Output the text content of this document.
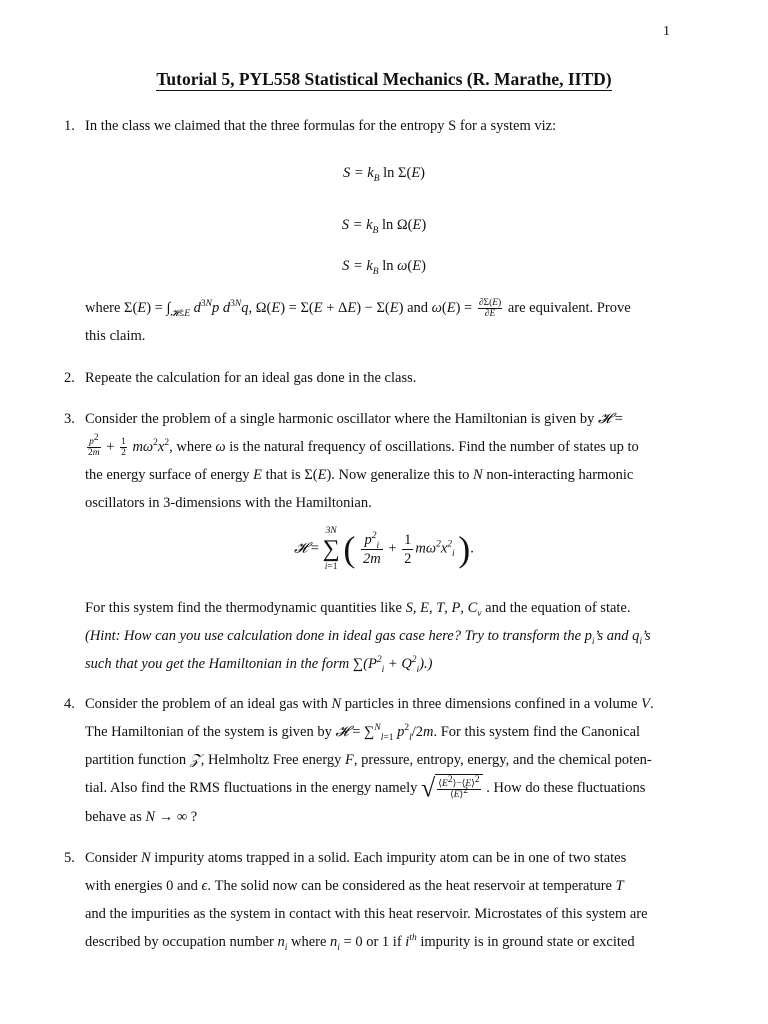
1
Tutorial 5, PYL558 Statistical Mechanics (R. Marathe, IITD)
1. In the class we claimed that the three formulas for the entropy S for a system viz:
$S = k_B$ ln Σ(E)
$S = k_B$ ln Ω(E)
$S = k_B$ ln ω(E)
where $\Sigma(E) = \int_{𝓗\le E}$ $d^{3N}p$ $d^{3N}q$, Ω(E) = Σ(E + ΔE) − Σ(E) and $\omega(E) = \frac{\partial\Sigma(E)}{\partial E}$ are equivalent. Prove
this claim.
2. Repeate the calculation for an ideal gas done in the class.
3. Consider the problem of a single harmonic oscillator where the Hamiltonian is given by 𝓗 =
$\frac{p^2}{2m} + \frac{1}{2} m\omega^2x^2$, where ω is the natural frequency of oscillations. Find the number of states up to
the energy surface of energy E that is Σ(E). Now generalize this to N non-interacting harmonic
oscillators in 3-dimensions with the Hamiltonian.
𝓗 =
3N
∑
i=1 ( $\frac{p^2_i}{2m} + \frac{1}{2} m\omega^2x^2_i$ ).
For this system find the thermodynamic quantities like S, E, T, P, $C_v$ and the equation of state.
(Hint: How can you use calculation done in ideal gas case here? Try to transform the $p_i’s$ and $q_i’s$
such that you get the Hamiltonian in the form $\sum(P^2_i + Q^2_i)$.)
4. Consider the problem of an ideal gas with N particles in three dimensions confined in a volume V.
The Hamiltonian of the system is given by 𝓗 = ∑$^N_{l=1}$ $p^2_l/2m$. For this system find the Canonical
partition function 𝒵, Helmholtz Free energy F, pressure, entropy, energy, and the chemical poten-
tial. Also find the RMS fluctuations in the energy namely √ $\frac{⟨E^2⟩-⟨E⟩^2}{⟨E⟩^2}$ . How do these fluctuations
behave as N → ∞ ?
5. Consider N impurity atoms trapped in a solid. Each impurity atom can be in one of two states
with energies 0 and ϵ. The solid now can be considered as the heat reservoir at temperature T
and the impurities as the system in contact with this heat reservoir. Microstates of this system are
described by occupation number $n_i$ where $n_i = 0$ or 1 if $i^{th}$ impurity is in ground state or excited
